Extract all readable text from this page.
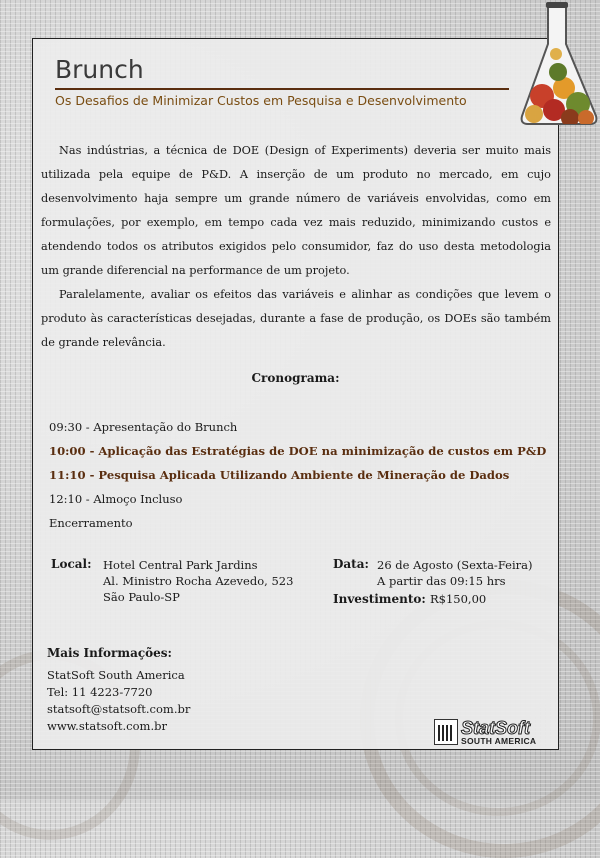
Brunch
Os Desafios de Minimizar Custos em Pesquisa e Desenvolvimento

Nas indústrias, a técnica de DOE (Design of Experiments) deveria ser muito mais utilizada pela equipe de P&D. A inserção de um produto no mercado, em cujo desenvolvimento haja sempre um grande número de variáveis envolvidas, como em formulações, por exemplo, em tempo cada vez mais reduzido, minimizando custos e atendendo todos os atributos exigidos pelo consumidor, faz do uso desta metodologia um grande diferencial na performance de um projeto.

Paralelamente, avaliar os efeitos das variáveis e alinhar as condições que levem o produto às características desejadas, durante a fase de produção, os DOEs são também de grande relevância.

Cronograma:
09:30 - Apresentação do Brunch
10:00 - Aplicação das Estratégias de DOE na minimização de custos em P&D
11:10 - Pesquisa Aplicada Utilizando Ambiente de Mineração de Dados
12:10 - Almoço Incluso
Encerramento
Local: Hotel Central Park Jardins
Al. Ministro Rocha Azevedo, 523
São Paulo-SP
Data: 26 de Agosto (Sexta-Feira)
A partir das 09:15 hrs
Investimento: R$150,00
Mais Informações:
StatSoft South America
Tel: 11 4223-7720
statsoft@statsoft.com.br
www.statsoft.com.br	StatSoft
SOUTH AMERICA
